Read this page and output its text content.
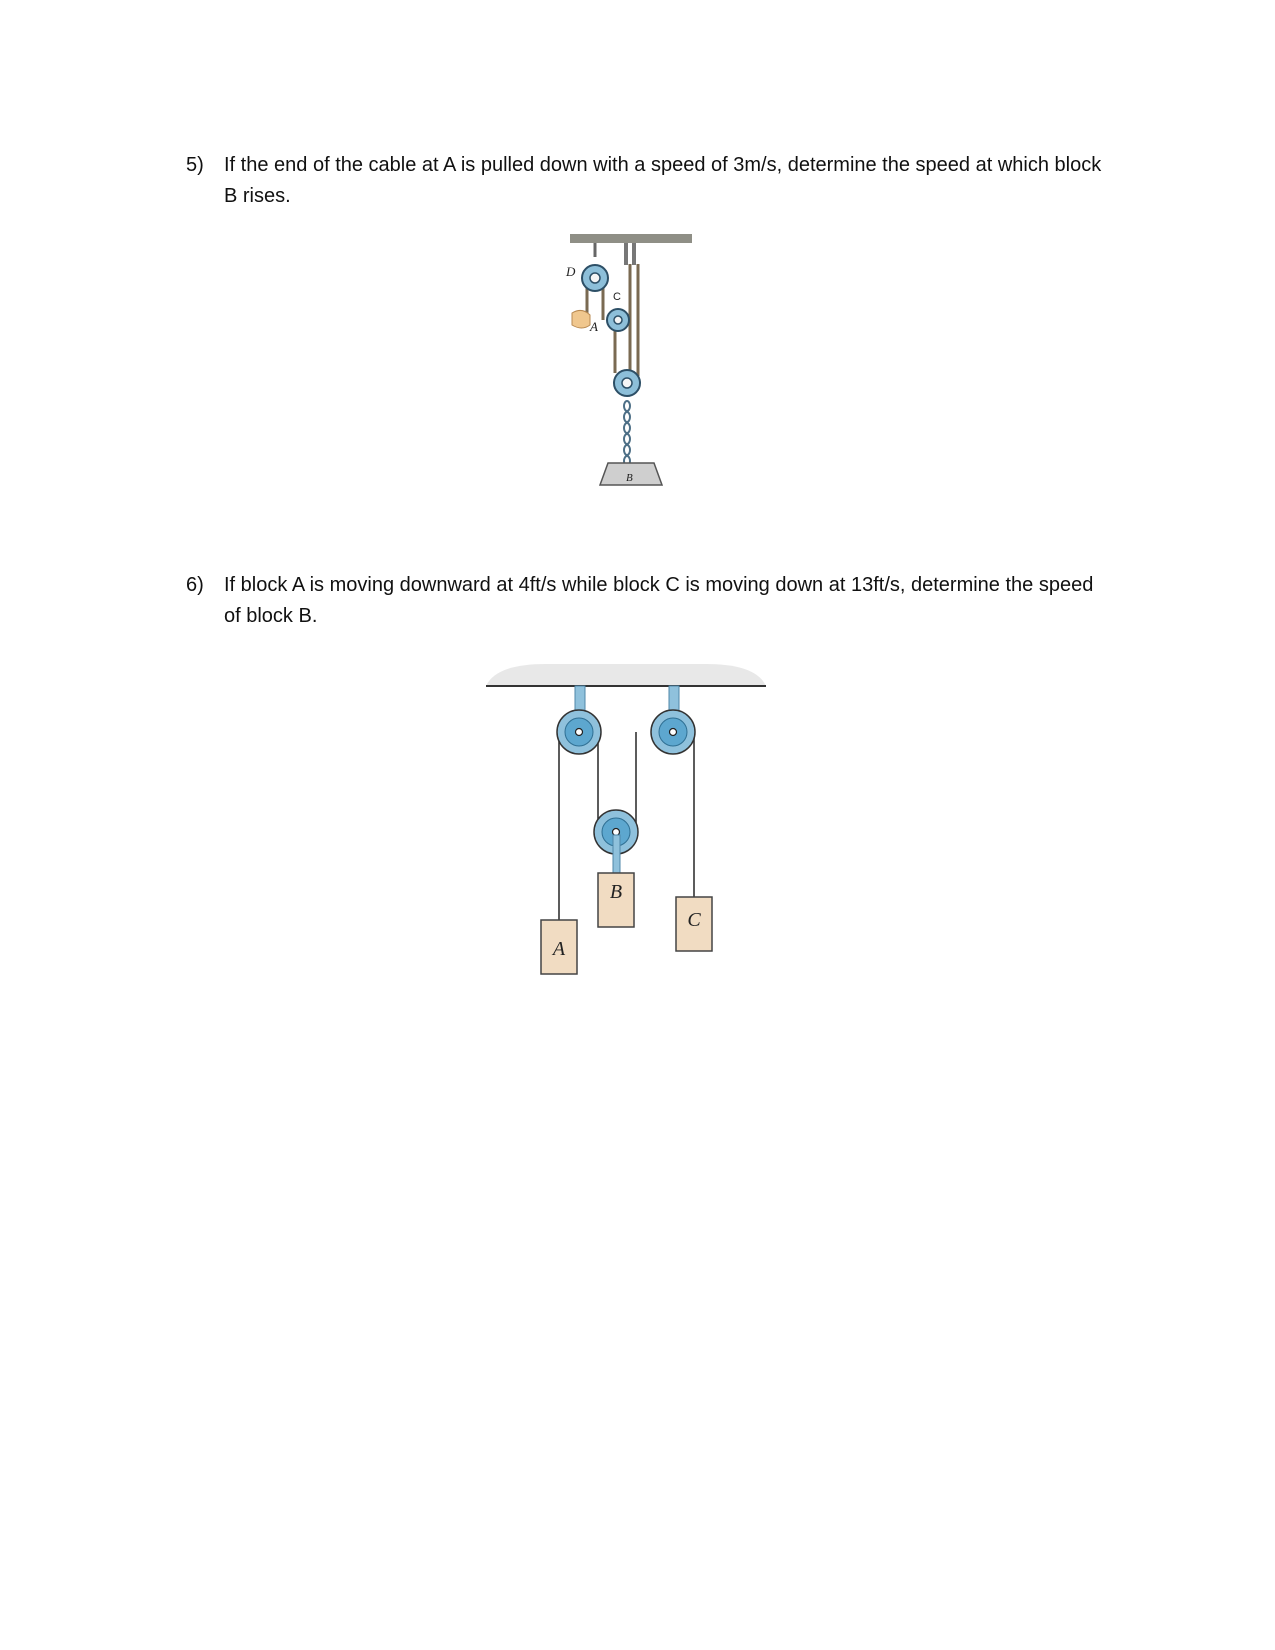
5) If the end of the cable at A is pulled down with a speed of 3m/s, determine the speed at which block B rises.
D
C
A
B
6) If block A is moving downward at 4ft/s while block C is moving down at 13ft/s, determine the speed of block B.
A
B
C
